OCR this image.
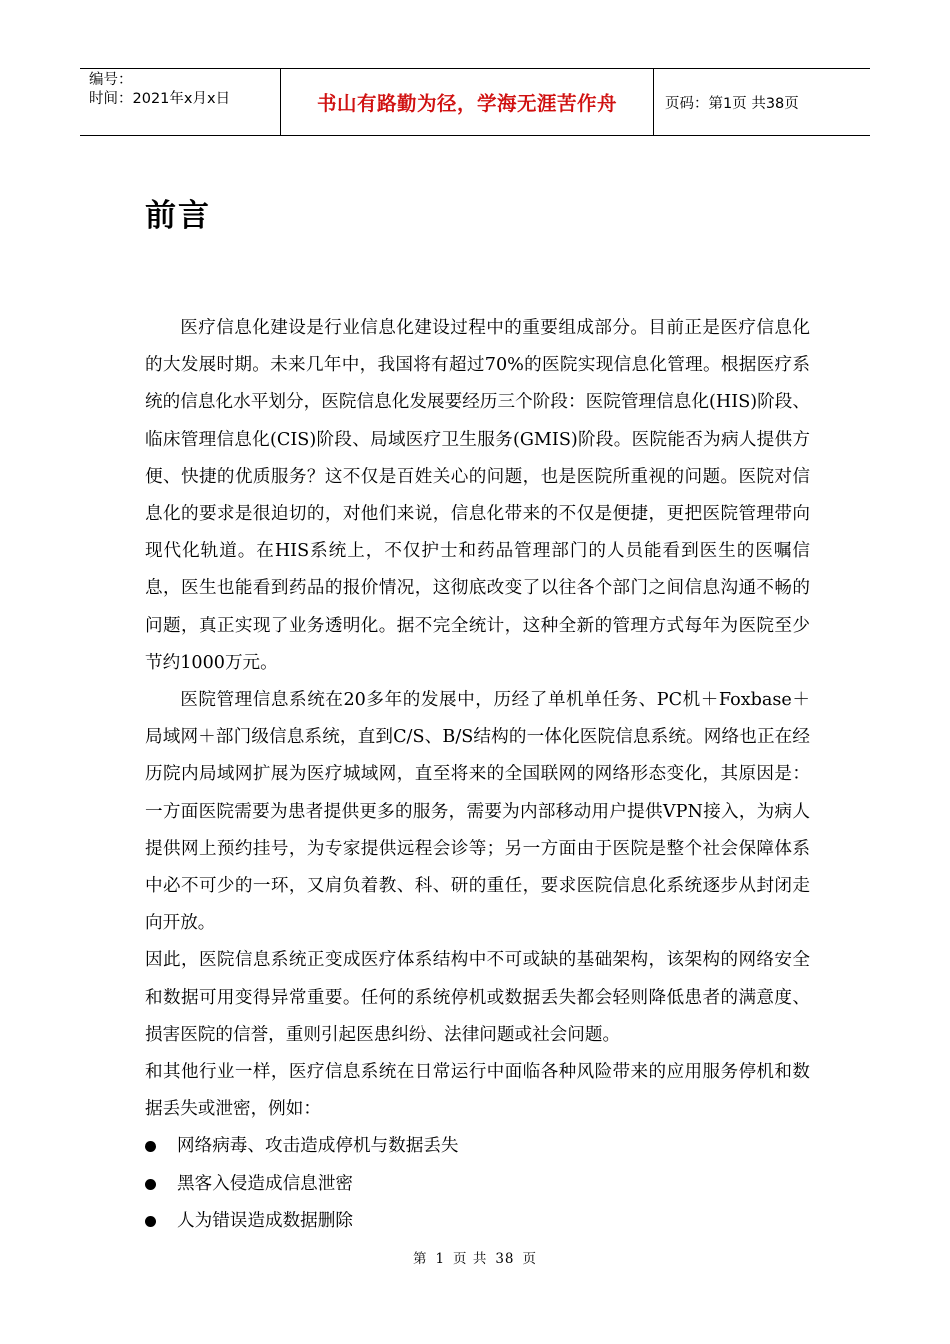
编号：
时间：2021年x月x日	书山有路勤为径，学海无涯苦作舟	页码：第1页 共38页
前言

医疗信息化建设是行业信息化建设过程中的重要组成部分。目前正是医疗信息化的大发展时期。未来几年中，我国将有超过70%的医院实现信息化管理。根据医疗系统的信息化水平划分，医院信息化发展要经历三个阶段：医院管理信息化(HIS)阶段、临床管理信息化(CIS)阶段、局域医疗卫生服务(GMIS)阶段。医院能否为病人提供方便、快捷的优质服务？这不仅是百姓关心的问题，也是医院所重视的问题。医院对信息化的要求是很迫切的，对他们来说，信息化带来的不仅是便捷，更把医院管理带向现代化轨道。在HIS系统上，不仅护士和药品管理部门的人员能看到医生的医嘱信息，医生也能看到药品的报价情况，这彻底改变了以往各个部门之间信息沟通不畅的问题，真正实现了业务透明化。据不完全统计，这种全新的管理方式每年为医院至少节约1000万元。

医院管理信息系统在20多年的发展中，历经了单机单任务、PC机＋Foxbase＋局域网＋部门级信息系统，直到C/S、B/S结构的一体化医院信息系统。网络也正在经历院内局域网扩展为医疗城域网，直至将来的全国联网的网络形态变化，其原因是：一方面医院需要为患者提供更多的服务，需要为内部移动用户提供VPN接入，为病人提供网上预约挂号，为专家提供远程会诊等；另一方面由于医院是整个社会保障体系中必不可少的一环，又肩负着教、科、研的重任，要求医院信息化系统逐步从封闭走向开放。

因此，医院信息系统正变成医疗体系结构中不可或缺的基础架构，该架构的网络安全和数据可用变得异常重要。任何的系统停机或数据丢失都会轻则降低患者的满意度、损害医院的信誉，重则引起医患纠纷、法律问题或社会问题。

和其他行业一样，医疗信息系统在日常运行中面临各种风险带来的应用服务停机和数据丢失或泄密，例如：

网络病毒、攻击造成停机与数据丢失
黑客入侵造成信息泄密
人为错误造成数据删除
第 1 页 共 38 页
